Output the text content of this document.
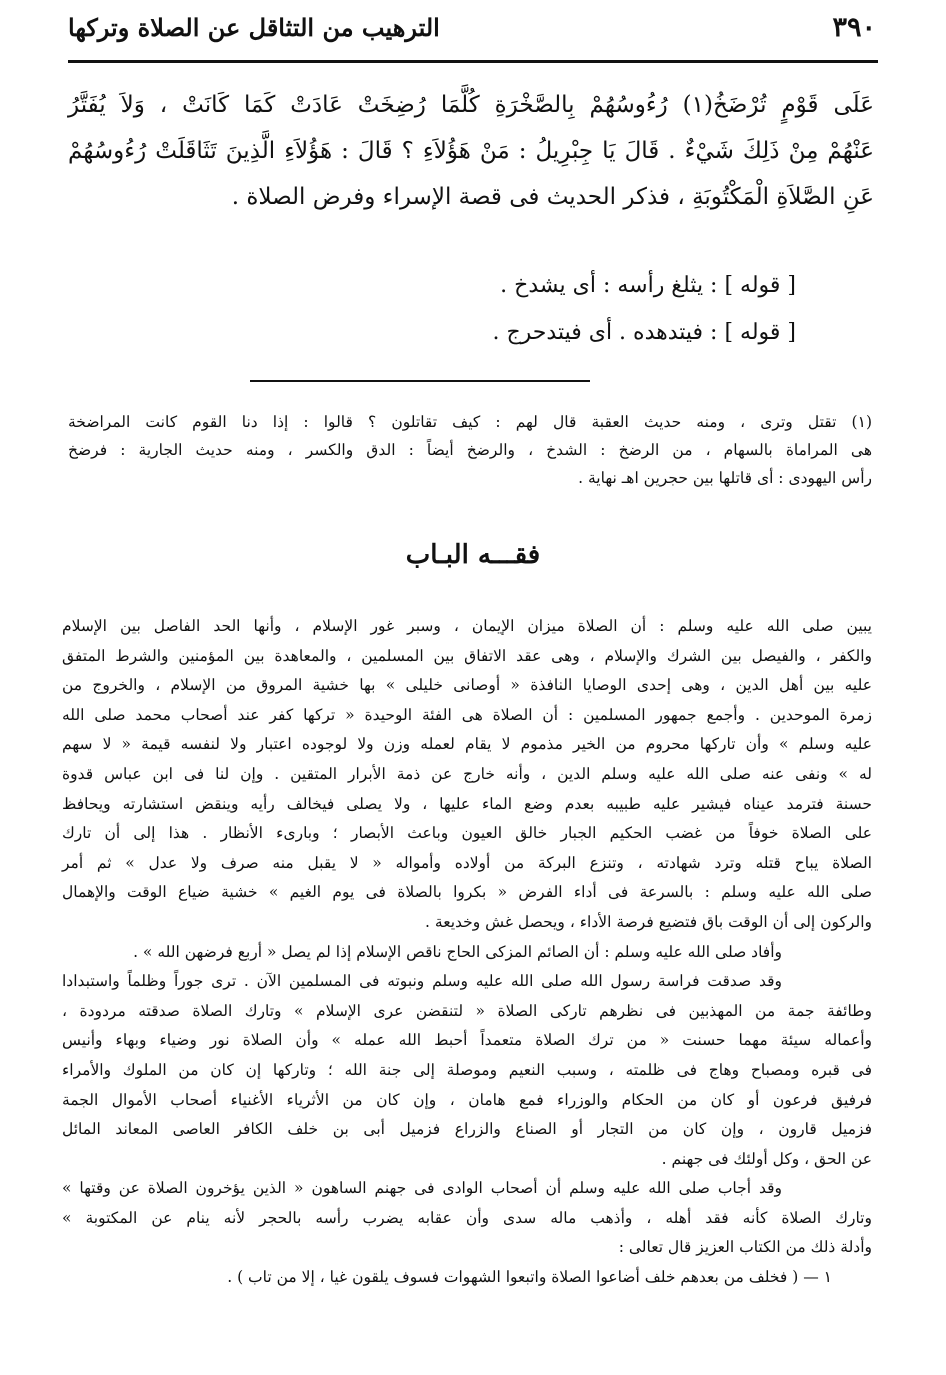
٣٩٠
الترهيب من التثاقل عن الصلاة وتركها
عَلَى قَوْمٍ تُرْضَخُ(١) رُءُوسُهُمْ بِالصَّخْرَةِ كُلَّمَا رُضِخَتْ عَادَتْ كَمَا كَانَتْ ، وَلاَ يُفَتَّرُ
عَنْهُمْ مِنْ ذَلِكَ شَيْءٌ . قَالَ يَا جِبْرِيلُ : مَنْ هَؤُلاَءِ ؟ قَالَ : هَؤُلاَءِ الَّذِينَ تَثَاقَلَتْ رُءُوسُهُمْ
عَنِ الصَّلاَةِ الْمَكْتُوبَةِ ، فذكر الحديث فى قصة الإسراء وفرض الصلاة .
[ قوله ] : يثلغ رأسه : أى يشدخ .
[ قوله ] : فيتدهده . أى فيتدحرج .
(١) تقتل وترى ، ومنه حديث العقبة قال لهم : كيف تقاتلون ؟ قالوا : إذا دنا القوم كانت المراضخة
هى المراماة بالسهام ، من الرضخ : الشدخ ، والرضخ أيضاً : الدق والكسر ، ومنه حديث الجارية : فرضخ
رأس اليهودى : أى قاتلها بين حجرين اهـ نهاية .
فقـــه البـاب
يبين صلى الله عليه وسلم : أن الصلاة ميزان الإيمان ، وسبر غور الإسلام ، وأنها الحد الفاصل بين الإسلام
والكفر ، والفيصل بين الشرك والإسلام ، وهى عقد الاتفاق بين المسلمين ، والمعاهدة بين المؤمنين والشرط المتفق
عليه بين أهل الدين ، وهى إحدى الوصايا النافذة « أوصانى خليلى » بها خشية المروق من الإسلام ، والخروج من
زمرة الموحدين . وأجمع جمهور المسلمين : أن الصلاة هى الفئة الوحيدة « تركها كفر عند أصحاب محمد صلى الله
عليه وسلم » وأن تاركها محروم من الخير مذموم لا يقام لعمله وزن ولا لوجوده اعتبار ولا لنفسه قيمة « لا سهم
له » ونفى عنه صلى الله عليه وسلم الدين ، وأنه خارج عن ذمة الأبرار المتقين . وإن لنا فى ابن عباس قدوة
حسنة فترمد عيناه فيشير عليه طبيبه بعدم وضع الماء عليها ، ولا يصلى فيخالف رأيه وينقض استشارته ويحافظ
على الصلاة خوفاً من غضب الحكيم الجبار خالق العيون وباعث الأبصار ؛ وبارىء الأنظار . هذا إلى أن تارك
الصلاة يباح قتله وترد شهادته ، وتنزع البركة من أولاده وأمواله « لا يقبل منه صرف ولا عدل » ثم أمر
صلى الله عليه وسلم : بالسرعة فى أداء الفرض « بكروا بالصلاة فى يوم الغيم » خشية ضياع الوقت والإهمال
والركون إلى أن الوقت باق فتضيع فرصة الأداء ، ويحصل غش وخديعة .
وأفاد صلى الله عليه وسلم : أن الصائم المزكى الحاج ناقص الإسلام إذا لم يصل « أربع فرضهن الله » .
وقد صدقت فراسة رسول الله صلى الله عليه وسلم ونبوته فى المسلمين الآن . ترى جوراً وظلماً واستبدادا
وطائفة جمة من المهذبين فى نظرهم تاركى الصلاة « لتنقضن عرى الإسلام » وتارك الصلاة صدقته مردودة ،
وأعماله سيئة مهما حسنت « من ترك الصلاة متعمداً أحبط الله عمله » وأن الصلاة نور وضياء وبهاء وأنيس
فى قبره ومصباح وهاج فى ظلمته ، وسبب النعيم وموصلة إلى جنة الله ؛ وتاركها إن كان من الملوك والأمراء
فرفيق فرعون أو كان من الحكام والوزراء فمع هامان ، وإن كان من الأثرياء الأغنياء أصحاب الأموال الجمة
فزميل قارون ، وإن كان من التجار أو الصناع والزراع فزميل أبى بن خلف الكافر العاصى المعاند المائل
عن الحق ، وكل أولئك فى جهنم .
وقد أجاب صلى الله عليه وسلم أن أصحاب الوادى فى جهنم الساهون « الذين يؤخرون الصلاة عن وقتها »
وتارك الصلاة كأنه فقد أهله ، وأذهب ماله سدى وأن عقابه يضرب رأسه بالحجر لأنه ينام عن المكتوبة »
وأدلة ذلك من الكتاب العزيز قال تعالى :
١ — ( فخلف من بعدهم خلف أضاعوا الصلاة واتبعوا الشهوات فسوف يلقون غيا ، إلا من تاب ) .
